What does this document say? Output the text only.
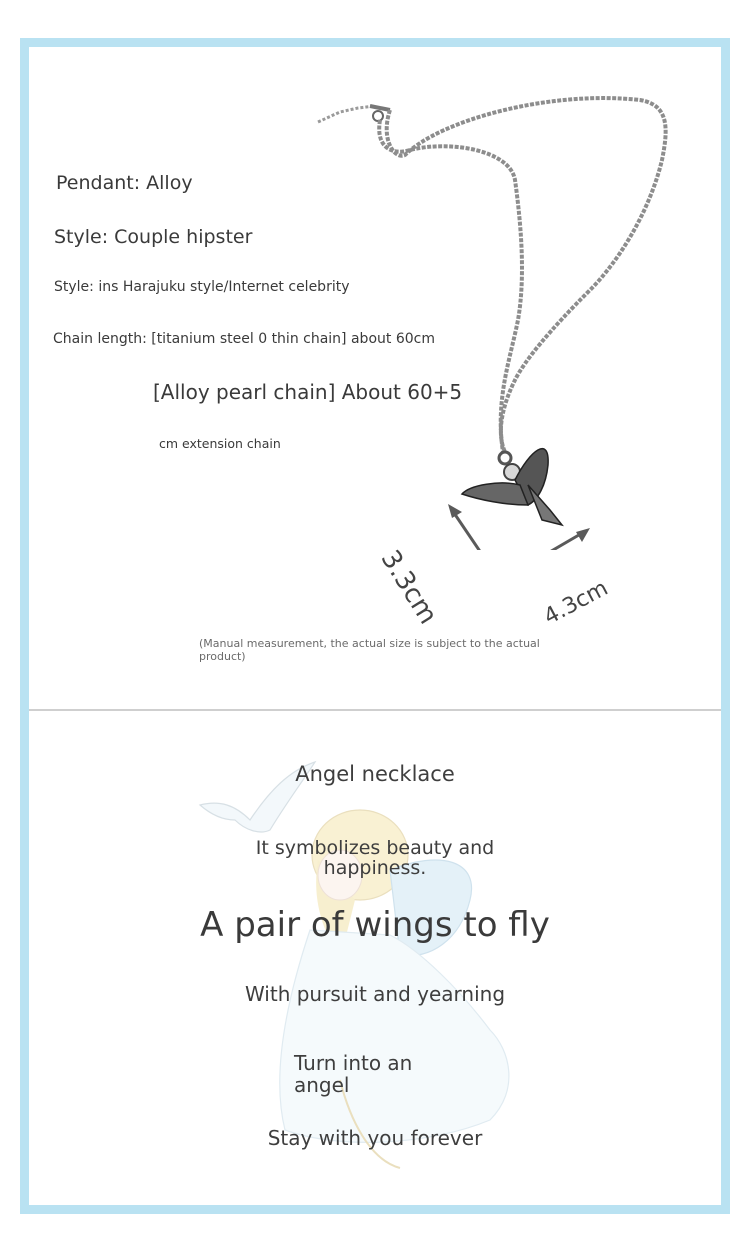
Pendant: Alloy
Style: Couple hipster
Style: ins Harajuku style/Internet celebrity
Chain length: [titanium steel 0 thin chain] about 60cm
[Alloy pearl chain] About 60+5
cm extension chain
3.3cm	4.3cm
(Manual measurement, the actual size is subject to the actual product)
Angel necklace
It symbolizes beauty and happiness.
A pair of wings to fly
With pursuit and yearning
Turn into an angel
Stay with you forever
